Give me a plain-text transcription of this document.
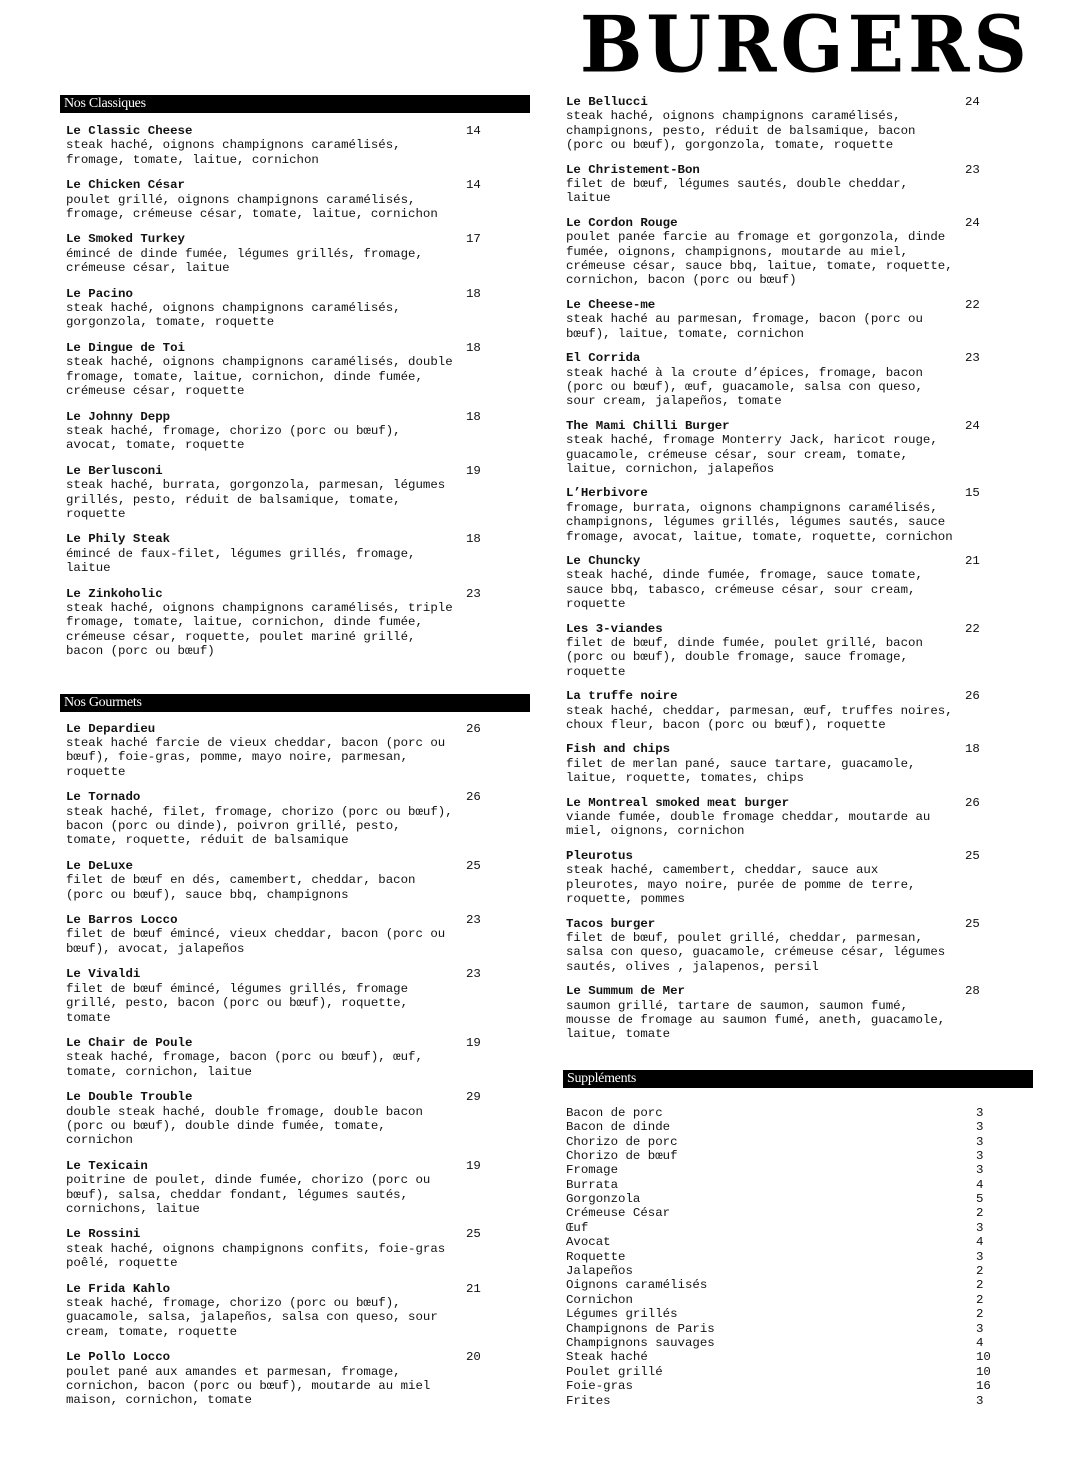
BURGERS
Nos Classiques
Le Classic Cheese
steak haché, oignons champignons caramélisés, fromage, tomate, laitue, cornichon
14
Le Chicken César
poulet grillé, oignons champignons caramélisés, fromage, crémeuse césar, tomate, laitue, cornichon
14
Le Smoked Turkey
émincé de dinde fumée, légumes grillés, fromage, crémeuse césar, laitue
17
Le Pacino
steak haché, oignons champignons caramélisés, gorgonzola, tomate, roquette
18
Le Dingue de Toi
steak haché, oignons champignons caramélisés, double fromage, tomate, laitue, cornichon, dinde fumée, crémeuse césar, roquette
18
Le Johnny Depp
steak haché, fromage, chorizo (porc ou bœuf), avocat, tomate, roquette
18
Le Berlusconi
steak haché, burrata, gorgonzola, parmesan, légumes grillés, pesto, réduit de balsamique, tomate, roquette
19
Le Phily Steak
émincé de faux-filet, légumes grillés, fromage, laitue
18
Le Zinkoholic
steak haché, oignons champignons caramélisés, triple fromage, tomate, laitue, cornichon, dinde fumée, crémeuse césar, roquette, poulet mariné grillé, bacon (porc ou bœuf)
23
Nos Gourmets
Le Depardieu
steak haché farcie de vieux cheddar, bacon (porc ou bœuf), foie-gras, pomme, mayo noire, parmesan, roquette
26
Le Tornado
steak haché, filet, fromage, chorizo (porc ou bœuf), bacon (porc ou dinde), poivron grillé, pesto, tomate, roquette, réduit de balsamique
26
Le DeLuxe
filet de bœuf en dés, camembert, cheddar, bacon (porc ou bœuf), sauce bbq, champignons
25
Le Barros Locco
filet de bœuf émincé, vieux cheddar, bacon (porc ou bœuf), avocat, jalapeños
23
Le Vivaldi
filet de bœuf émincé, légumes grillés, fromage grillé, pesto, bacon (porc ou bœuf), roquette, tomate
23
Le Chair de Poule
steak haché, fromage, bacon (porc ou bœuf), œuf, tomate, cornichon, laitue
19
Le Double Trouble
double steak haché, double fromage, double bacon (porc ou bœuf), double dinde fumée, tomate, cornichon
29
Le Texicain
poitrine de poulet, dinde fumée, chorizo (porc ou bœuf), salsa, cheddar fondant, légumes sautés, cornichons, laitue
19
Le Rossini
steak haché, oignons champignons confits, foie-gras poêlé, roquette
25
Le Frida Kahlo
steak haché, fromage, chorizo (porc ou bœuf), guacamole, salsa, jalapeños, salsa con queso, sour cream, tomate, roquette
21
Le Pollo Locco
poulet pané aux amandes et parmesan, fromage, cornichon, bacon (porc ou bœuf), moutarde au miel maison, cornichon, tomate
20
Le Bellucci
steak haché, oignons champignons caramélisés, champignons, pesto, réduit de balsamique, bacon (porc ou bœuf), gorgonzola, tomate, roquette
24
Le Christement-Bon
filet de bœuf, légumes sautés, double cheddar, laitue
23
Le Cordon Rouge
poulet panée farcie au fromage et gorgonzola, dinde fumée, oignons, champignons, moutarde au miel, crémeuse césar, sauce bbq, laitue, tomate, roquette, cornichon, bacon (porc ou bœuf)
24
Le Cheese-me
steak haché au parmesan, fromage, bacon (porc ou bœuf), laitue, tomate, cornichon
22
El Corrida
steak haché à la croute d’épices, fromage, bacon (porc ou bœuf), œuf, guacamole, salsa con queso, sour cream, jalapeños, tomate
23
The Mami Chilli Burger
steak haché, fromage Monterry Jack, haricot rouge, guacamole, crémeuse césar, sour cream, tomate, laitue, cornichon, jalapeños
24
L’Herbivore
fromage, burrata, oignons champignons caramélisés, champignons, légumes grillés, légumes sautés, sauce fromage, avocat, laitue, tomate, roquette, cornichon
15
Le Chuncky
steak haché, dinde fumée, fromage, sauce tomate, sauce bbq, tabasco, crémeuse césar, sour cream, roquette
21
Les 3-viandes
filet de bœuf, dinde fumée, poulet grillé, bacon (porc ou bœuf), double fromage, sauce fromage, roquette
22
La truffe noire
steak haché, cheddar, parmesan, œuf, truffes noires, choux fleur, bacon (porc ou bœuf), roquette
26
Fish and chips
filet de merlan pané, sauce tartare, guacamole, laitue, roquette, tomates, chips
18
Le Montreal smoked meat burger
viande fumée, double fromage cheddar, moutarde au miel, oignons, cornichon
26
Pleurotus
steak haché, camembert, cheddar, sauce aux pleurotes, mayo noire, purée de pomme de terre, roquette, pommes
25
Tacos burger
filet de bœuf, poulet grillé, cheddar, parmesan, salsa con queso, guacamole, crémeuse césar, légumes sautés, olives , jalapenos, persil
25
Le Summum de Mer
saumon grillé, tartare de saumon, saumon fumé, mousse de fromage au saumon fumé, aneth, guacamole, laitue, tomate
28
Suppléments
Bacon de porc	3
Bacon de dinde	3
Chorizo de porc	3
Chorizo de bœuf	3
Fromage	3
Burrata	4
Gorgonzola	5
Crémeuse César	2
Œuf	3
Avocat	4
Roquette	3
Jalapeños	2
Oignons caramélisés	2
Cornichon	2
Légumes grillés	2
Champignons de Paris	3
Champignons sauvages	4
Steak haché	10
Poulet grillé	10
Foie-gras	16
Frites	3
